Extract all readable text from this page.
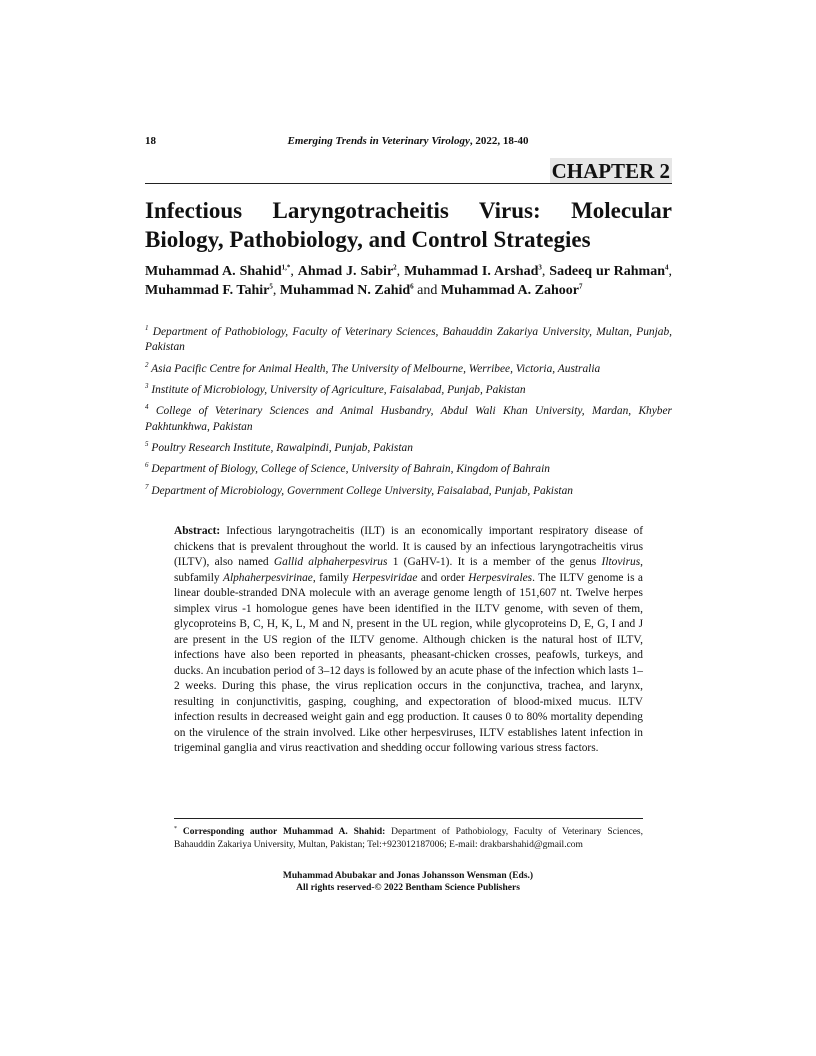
18	Emerging Trends in Veterinary Virology, 2022, 18-40
CHAPTER 2
Infectious Laryngotracheitis Virus: Molecular Biology, Pathobiology, and Control Strategies

Muhammad A. Shahid$^{1,*}$, Ahmad J. Sabir$^2$, Muhammad I. Arshad$^3$, Sadeeq ur Rahman$^4$, Muhammad F. Tahir$^5$, Muhammad N. Zahid$^6$ and Muhammad A. Zahoor$^7$

$^1$ Department of Pathobiology, Faculty of Veterinary Sciences, Bahauddin Zakariya University, Multan, Punjab, Pakistan

$^2$ Asia Pacific Centre for Animal Health, The University of Melbourne, Werribee, Victoria, Australia

$^3$ Institute of Microbiology, University of Agriculture, Faisalabad, Punjab, Pakistan

$^4$ College of Veterinary Sciences and Animal Husbandry, Abdul Wali Khan University, Mardan, Khyber Pakhtunkhwa, Pakistan

$^5$ Poultry Research Institute, Rawalpindi, Punjab, Pakistan

$^6$ Department of Biology, College of Science, University of Bahrain, Kingdom of Bahrain

$^7$ Department of Microbiology, Government College University, Faisalabad, Punjab, Pakistan

Abstract: Infectious laryngotracheitis (ILT) is an economically important respiratory disease of chickens that is prevalent throughout the world. It is caused by an infectious laryngotracheitis virus (ILTV), also named Gallid alphaherpesvirus 1 (GaHV-1). It is a member of the genus Iltovirus, subfamily Alphaherpesvirinae, family Herpesviridae and order Herpesvirales. The ILTV genome is a linear double-stranded DNA molecule with an average genome length of 151,607 nt. Twelve herpes simplex virus -1 homologue genes have been identified in the ILTV genome, with seven of them, glycoproteins B, C, H, K, L, M and N, present in the UL region, while glycoproteins D, E, G, I and J are present in the US region of the ILTV genome. Although chicken is the natural host of ILTV, infections have also been reported in pheasants, pheasant-chicken crosses, peafowls, turkeys, and ducks. An incubation period of 3–12 days is followed by an acute phase of the infection which lasts 1–2 weeks. During this phase, the virus replication occurs in the conjunctiva, trachea, and larynx, resulting in conjunctivitis, gasping, coughing, and expectoration of blood-mixed mucus. ILTV infection results in decreased weight gain and egg production. It causes 0 to 80% mortality depending on the virulence of the strain involved. Like other herpesviruses, ILTV establishes latent infection in trigeminal ganglia and virus reactivation and shedding occur following various stress factors.

* Corresponding author Muhammad A. Shahid: Department of Pathobiology, Faculty of Veterinary Sciences, Bahauddin Zakariya University, Multan, Pakistan; Tel:+923012187006; E-mail: drakbarshahid@gmail.com

Muhammad Abubakar and Jonas Johansson Wensman (Eds.)
All rights reserved-© 2022 Bentham Science Publishers
